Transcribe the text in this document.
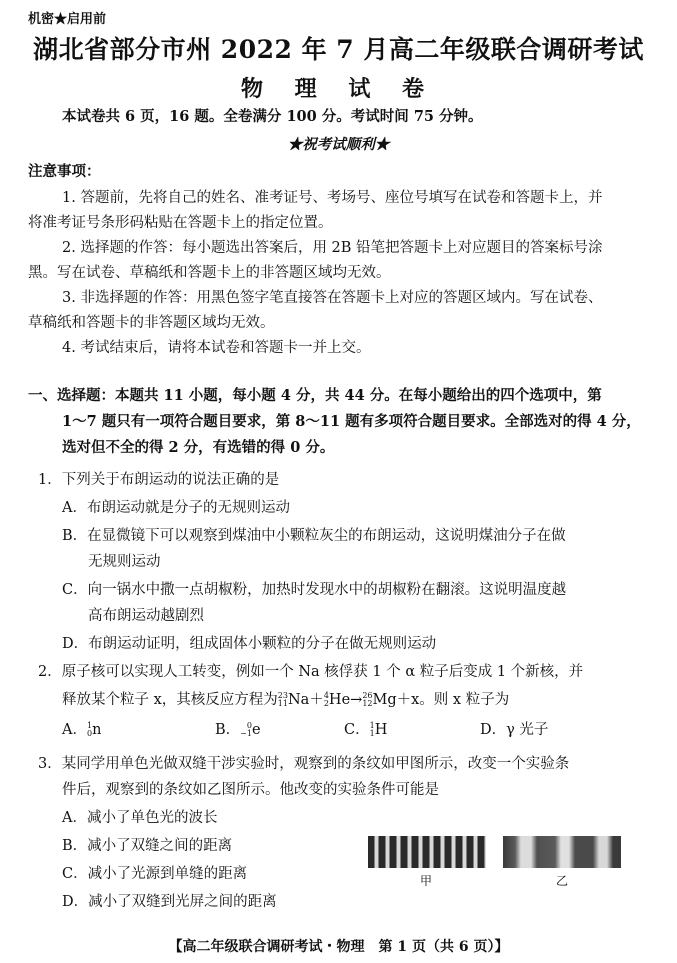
机密★启用前
湖北省部分市州 2022 年 7 月高二年级联合调研考试
物 理 试 卷
本试卷共 6 页，16 题。全卷满分 100 分。考试时间 75 分钟。
★祝考试顺利★
注意事项：
1. 答题前，先将自己的姓名、准考证号、考场号、座位号填写在试卷和答题卡上，并
将准考证号条形码粘贴在答题卡上的指定位置。
2. 选择题的作答：每小题选出答案后，用 2B 铅笔把答题卡上对应题目的答案标号涂
黑。写在试卷、草稿纸和答题卡上的非答题区域均无效。
3. 非选择题的作答：用黑色签字笔直接答在答题卡上对应的答题区域内。写在试卷、
草稿纸和答题卡的非答题区域均无效。
4. 考试结束后，请将本试卷和答题卡一并上交。
一、选择题：本题共 11 小题，每小题 4 分，共 44 分。在每小题给出的四个选项中，第
1～7 题只有一项符合题目要求，第 8～11 题有多项符合题目要求。全部选对的得 4 分，
选对但不全的得 2 分，有选错的得 0 分。
1．下列关于布朗运动的说法正确的是
A．布朗运动就是分子的无规则运动
B．在显微镜下可以观察到煤油中小颗粒灰尘的布朗运动，这说明煤油分子在做
无规则运动
C．向一锅水中撒一点胡椒粉，加热时发现水中的胡椒粉在翻滚。这说明温度越
高布朗运动越剧烈
D．布朗运动证明，组成固体小颗粒的分子在做无规则运动
2．原子核可以实现人工转变，例如一个 Na 核俘获 1 个 α 粒子后变成 1 个新核，并
释放某个粒子 x，其核反应方程为 23
11 Na＋ 4
2 He→ 26
12 Mg＋x。则 x 粒子为
A． 1
0 n	B． 0
−1 e	C． 1
1 H	D．γ 光子
3．某同学用单色光做双缝干涉实验时，观察到的条纹如甲图所示，改变一个实验条
件后，观察到的条纹如乙图所示。他改变的实验条件可能是
A．减小了单色光的波长
B．减小了双缝之间的距离
C．减小了光源到单缝的距离
D．减小了双缝到光屏之间的距离
甲	乙
【高二年级联合调研考试・物理　第 1 页（共 6 页）】
